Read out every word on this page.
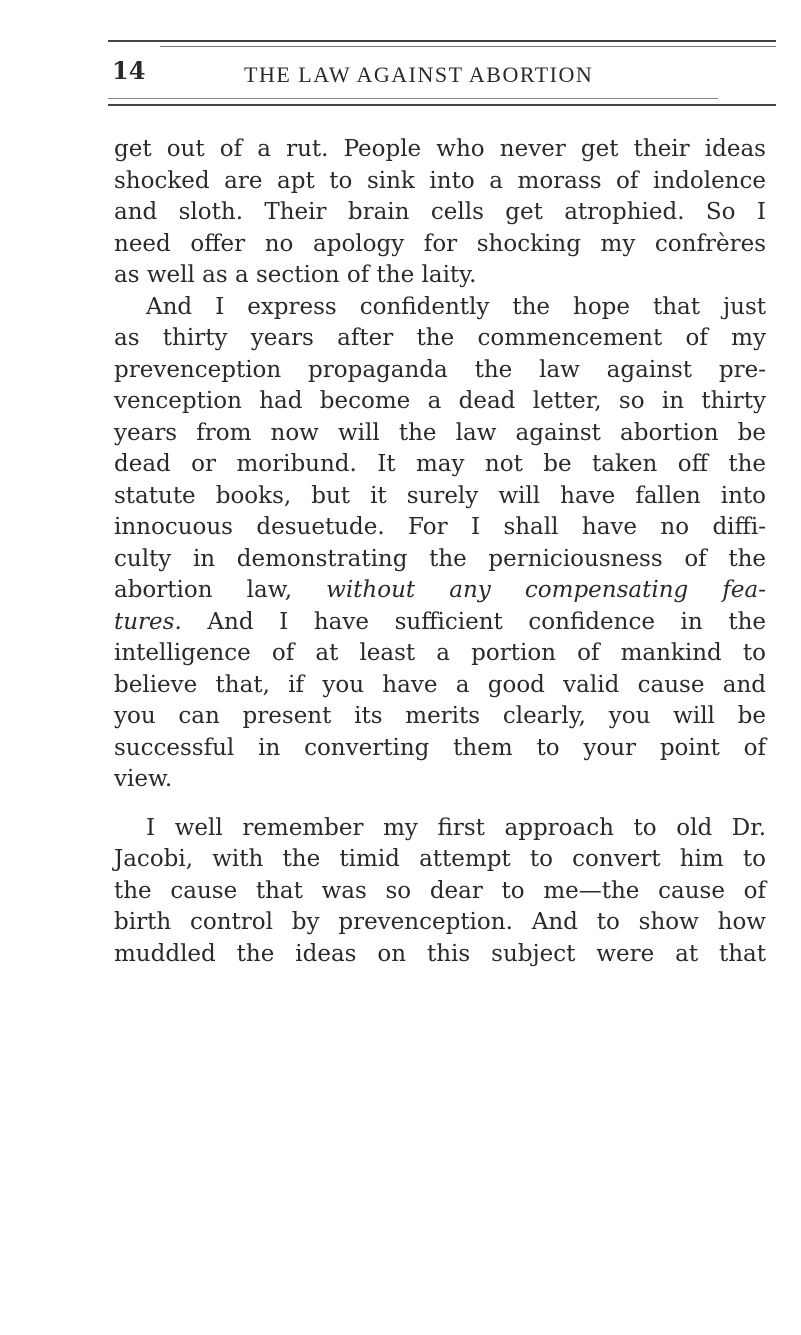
14	THE LAW AGAINST ABORTION
get out of a rut. People who never get their ideas
shocked are apt to sink into a morass of indolence
and sloth. Their brain cells get atrophied. So I
need offer no apology for shocking my confrères
as well as a section of the laity.
And I express confidently the hope that just
as thirty years after the commencement of my
prevenception propaganda the law against pre-
venception had become a dead letter, so in thirty
years from now will the law against abortion be
dead or moribund. It may not be taken off the
statute books, but it surely will have fallen into
innocuous desuetude. For I shall have no diffi-
culty in demonstrating the perniciousness of the
abortion law, without any compensating fea-
tures. And I have sufficient confidence in the
intelligence of at least a portion of mankind to
believe that, if you have a good valid cause and
you can present its merits clearly, you will be
successful in converting them to your point of
view.
I well remember my first approach to old Dr.
Jacobi, with the timid attempt to convert him to
the cause that was so dear to me—the cause of
birth control by prevenception. And to show how
muddled the ideas on this subject were at that
